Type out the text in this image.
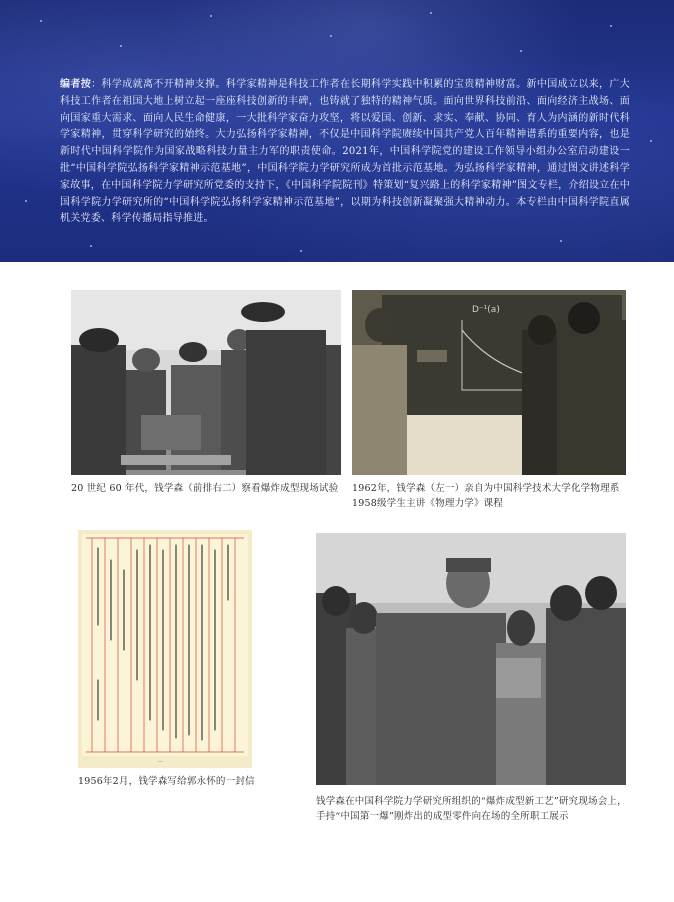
编者按：科学成就离不开精神支撑。科学家精神是科技工作者在长期科学实践中积累的宝贵精神财富。新中国成立以来，广大科技工作者在祖国大地上树立起一座座科技创新的丰碑，也铸就了独特的精神气质。面向世界科技前沿、面向经济主战场、面向国家重大需求、面向人民生命健康，一大批科学家奋力攻坚，将以爱国、创新、求实、奉献、协同、育人为内涵的新时代科学家精神，贯穿科学研究的始终。大力弘扬科学家精神，不仅是中国科学院赓续中国共产党人百年精神谱系的重要内容，也是新时代中国科学院作为国家战略科技力量主力军的职责使命。2021年，中国科学院党的建设工作领导小组办公室启动建设一批“中国科学院弘扬科学家精神示范基地”，中国科学院力学研究所成为首批示范基地。为弘扬科学家精神，通过图文讲述科学家故事，在中国科学院力学研究所党委的支持下，《中国科学院院刊》特策划“复兴路上的科学家精神”图文专栏，介绍设立在中国科学院力学研究所的“中国科学院弘扬科学家精神示范基地”，以期为科技创新凝聚强大精神动力。本专栏由中国科学院直属机关党委、科学传播局指导推进。
20 世纪 60 年代，钱学森（前排右二）察看爆炸成型现场试验
D⁻¹(a)
1962年，钱学森（左一）亲自为中国科学技术大学化学物理系1958级学生主讲《物理力学》课程
—
1956年2月，钱学森写给郭永怀的一封信
钱学森在中国科学院力学研究所组织的“爆炸成型新工艺”研究现场会上，手持“中国第一爆”刚炸出的成型零件向在场的全所职工展示
